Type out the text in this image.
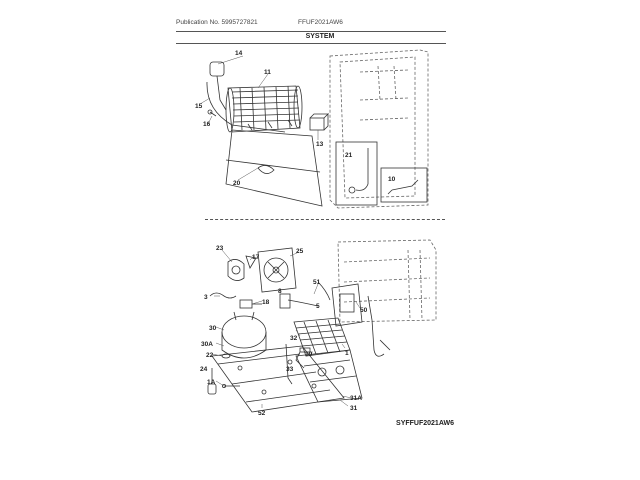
Publication No. 5995727821	FFUF2021AW6
SYSTEM
14
11
15
16
13
20
21
10
23
17
25
3
18
51
8
5
50
30
32
30A
1
19
22
24	33
1A
31A
52
31
SYFFUF2021AW6
